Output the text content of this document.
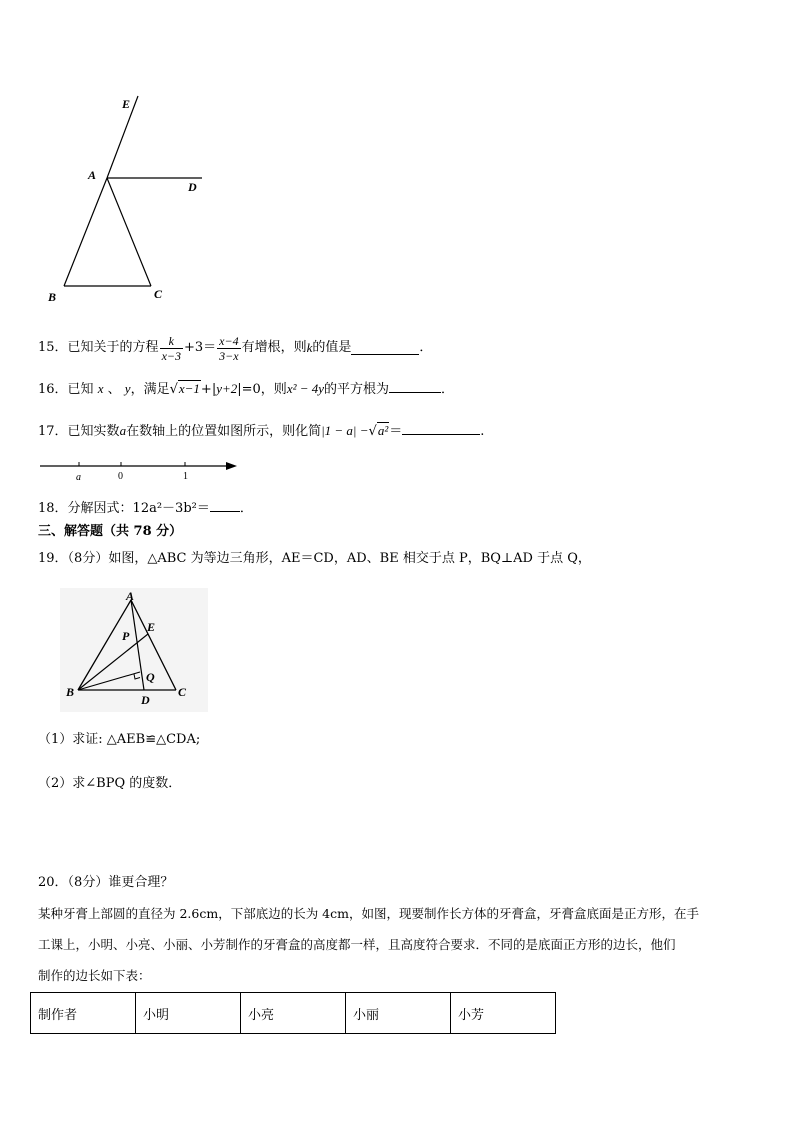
E
A
D
B	C
15． 已知关于的方程 $\frac{k}{x-3} +3= \frac{x-4}{3-x}$ 有增根，则 k 的值是	．
16．已知 x 、 y，满足√x−1+|y+2|=0，则x² − 4y的平方根为	．
17．已知实数a在数轴上的位置如图所示，则化简|1 − a| −√a²＝	.
a	0	1
18．分解因式：12a²－3b²＝ ．
三、解答题（共 78 分）
19．（8分）如图，△ABC 为等边三角形，AE＝CD，AD、BE 相交于点 P，BQ⊥AD 于点 Q，
A
P
E
Q
B
D
C
（1）求证: △AEB≌△CDA;
（2）求∠BPQ 的度数．
20．（8分）谁更合理？
某种牙膏上部圆的直径为 2.6cm，下部底边的长为 4cm，如图，现要制作长方体的牙膏盒，牙膏盒底面是正方形，在手
工课上，小明、小亮、小丽、小芳制作的牙膏盒的高度都一样，且高度符合要求．不同的是底面正方形的边长，他们
制作的边长如下表：
制作者	小明	小亮	小丽	小芳
